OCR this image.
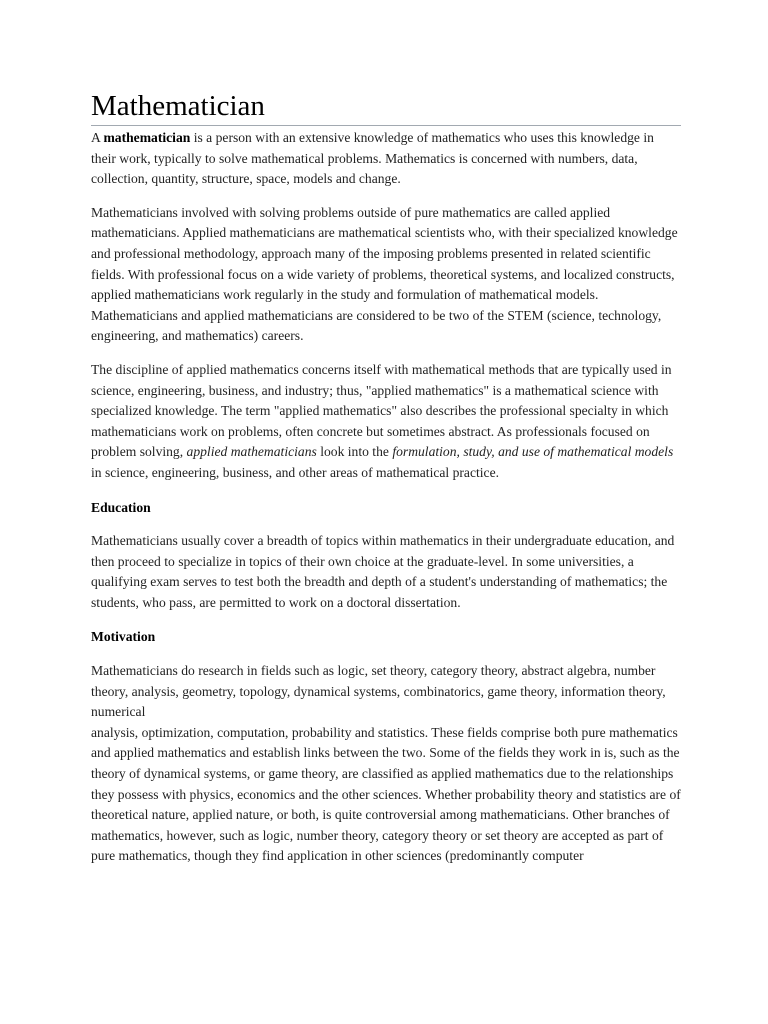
Mathematician

A mathematician is a person with an extensive knowledge of mathematics who uses this knowledge in their work, typically to solve mathematical problems. Mathematics is concerned with numbers, data, collection, quantity, structure, space, models and change.

Mathematicians involved with solving problems outside of pure mathematics are called applied mathematicians. Applied mathematicians are mathematical scientists who, with their specialized knowledge and professional methodology, approach many of the imposing problems presented in related scientific fields. With professional focus on a wide variety of problems, theoretical systems, and localized constructs, applied mathematicians work regularly in the study and formulation of mathematical models. Mathematicians and applied mathematicians are considered to be two of the STEM (science, technology, engineering, and mathematics) careers.

The discipline of applied mathematics concerns itself with mathematical methods that are typically used in science, engineering, business, and industry; thus, "applied mathematics" is a mathematical science with specialized knowledge. The term "applied mathematics" also describes the professional specialty in which mathematicians work on problems, often concrete but sometimes abstract. As professionals focused on problem solving, applied mathematicians look into the formulation, study, and use of mathematical models in science, engineering, business, and other areas of mathematical practice.

Education

Mathematicians usually cover a breadth of topics within mathematics in their undergraduate education, and then proceed to specialize in topics of their own choice at the graduate-level. In some universities, a qualifying exam serves to test both the breadth and depth of a student's understanding of mathematics; the students, who pass, are permitted to work on a doctoral dissertation.

Motivation

Mathematicians do research in fields such as logic, set theory, category theory, abstract algebra, number theory, analysis, geometry, topology, dynamical systems, combinatorics, game theory, information theory, numerical
analysis, optimization, computation, probability and statistics. These fields comprise both pure mathematics and applied mathematics and establish links between the two. Some of the fields they work in is, such as the theory of dynamical systems, or game theory, are classified as applied mathematics due to the relationships they possess with physics, economics and the other sciences. Whether probability theory and statistics are of theoretical nature, applied nature, or both, is quite controversial among mathematicians. Other branches of mathematics, however, such as logic, number theory, category theory or set theory are accepted as part of pure mathematics, though they find application in other sciences (predominantly computer
